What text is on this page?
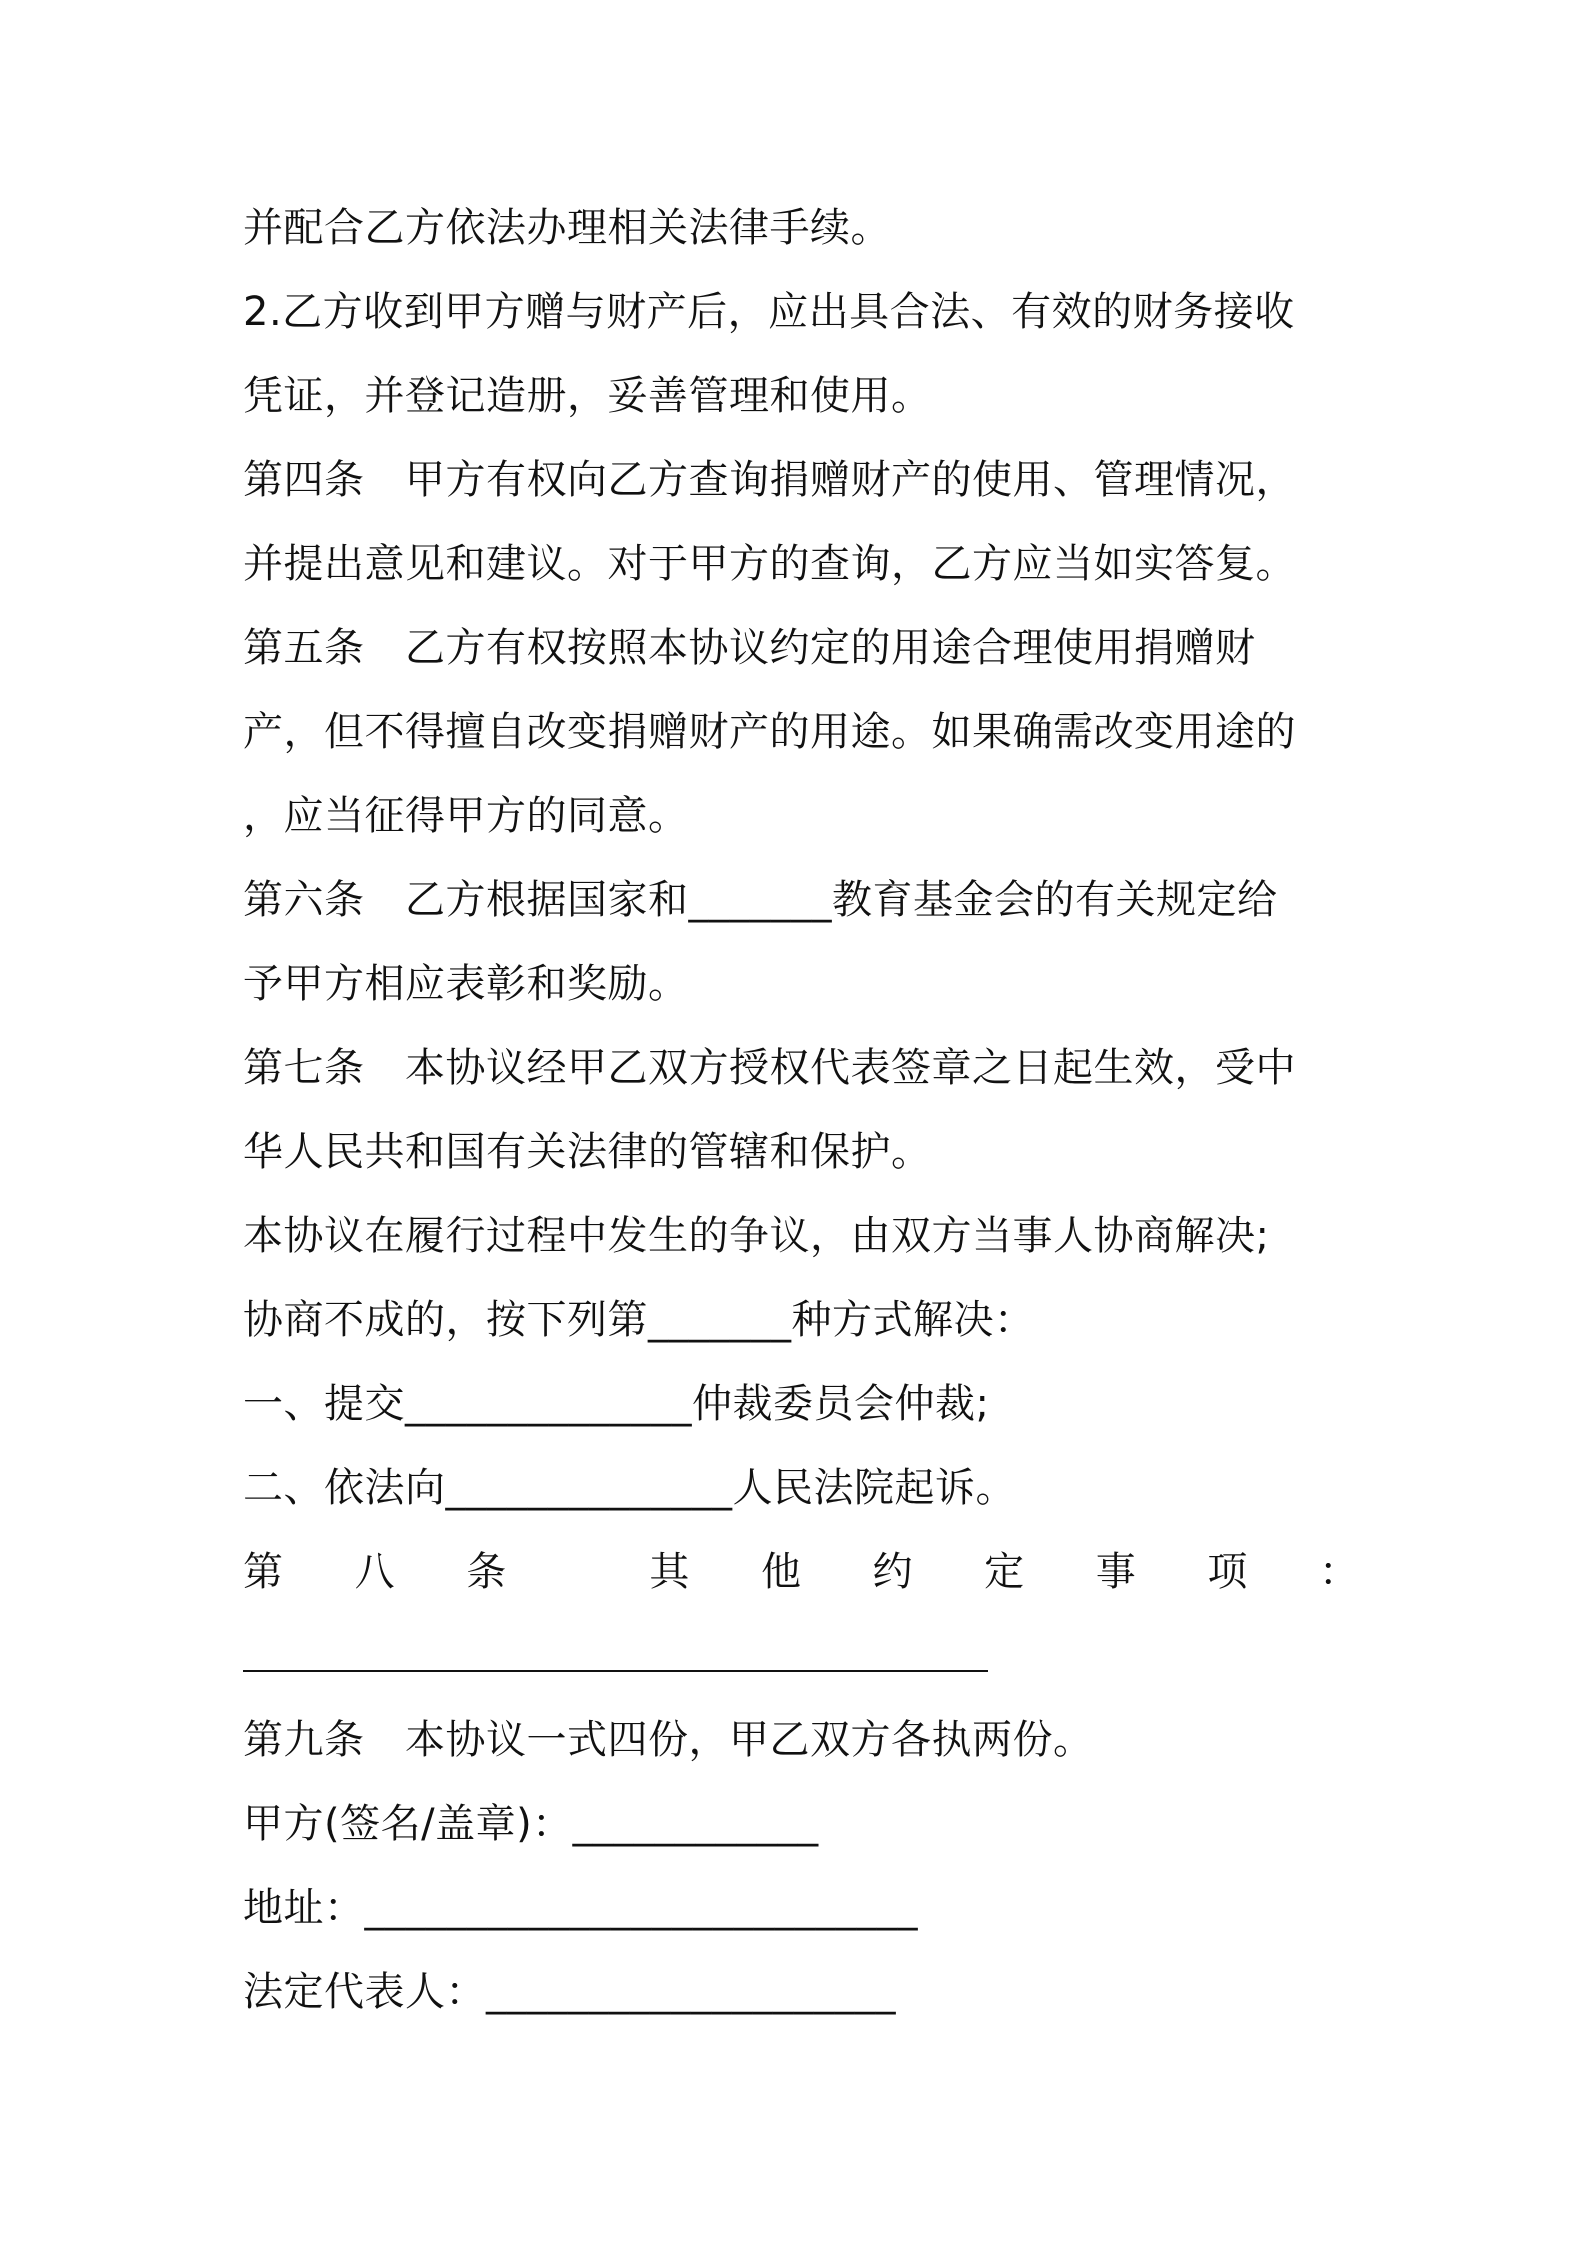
并配合乙方依法办理相关法律手续。
2.乙方收到甲方赠与财产后，应出具合法、有效的财务接收
凭证，并登记造册，妥善管理和使用。
第四条　甲方有权向乙方查询捐赠财产的使用、管理情况，
并提出意见和建议。对于甲方的查询，乙方应当如实答复。
第五条　乙方有权按照本协议约定的用途合理使用捐赠财
产，但不得擅自改变捐赠财产的用途。如果确需改变用途的
，应当征得甲方的同意。
第六条　乙方根据国家和_______教育基金会的有关规定给
予甲方相应表彰和奖励。
第七条　本协议经甲乙双方授权代表签章之日起生效，受中
华人民共和国有关法律的管辖和保护。
本协议在履行过程中发生的争议，由双方当事人协商解决;
协商不成的，按下列第_______种方式解决：
一、提交______________仲裁委员会仲裁;
二、依法向______________人民法院起诉。
第 八 条	其 他 约 定 事 项 ：
第九条　本协议一式四份，甲乙双方各执两份。
甲方(签名/盖章)：____________
地址：___________________________
法定代表人：____________________
